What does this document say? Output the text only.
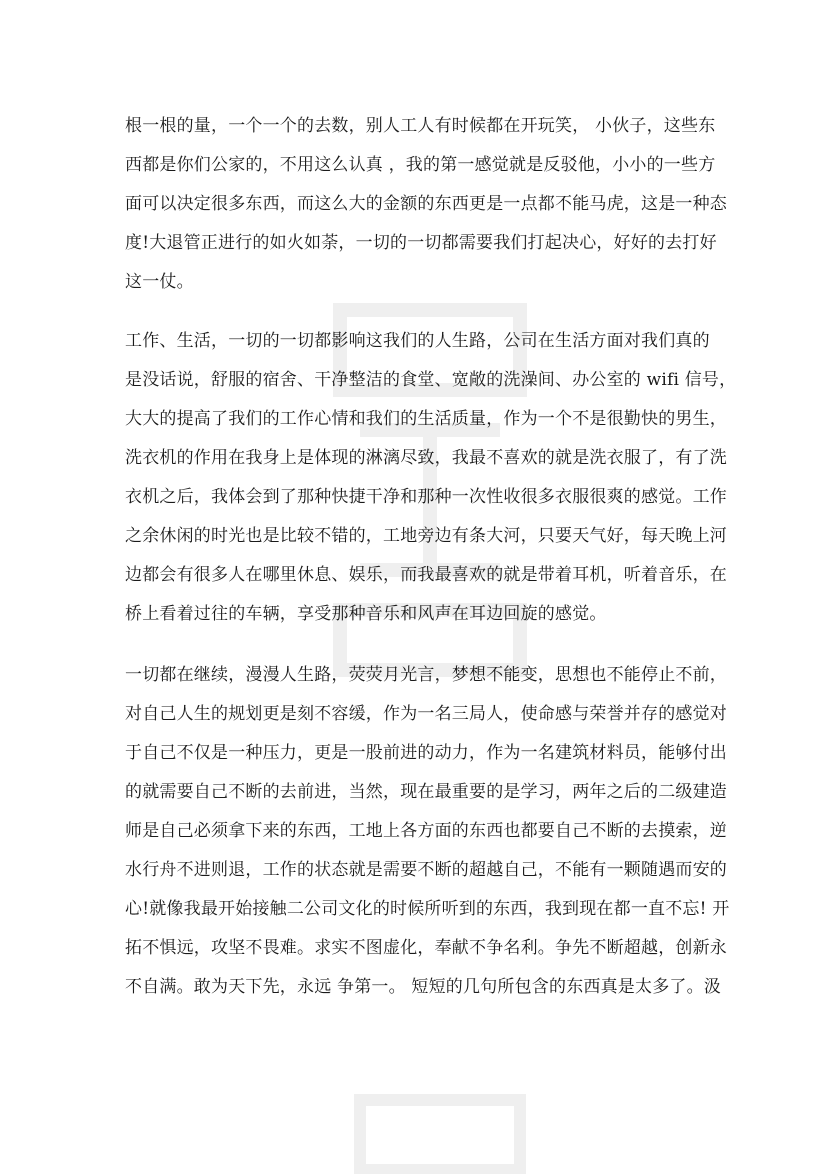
根一根的量，一个一个的去数，别人工人有时候都在开玩笑， 小伙子，这些东
西都是你们公家的，不用这么认真 ，我的第一感觉就是反驳他，小小的一些方
面可以决定很多东西，而这么大的金额的东西更是一点都不能马虎，这是一种态
度!大退管正进行的如火如荼，一切的一切都需要我们打起决心，好好的去打好
这一仗。
工作、生活，一切的一切都影响这我们的人生路，公司在生活方面对我们真的
是没话说，舒服的宿舍、干净整洁的食堂、宽敞的洗澡间、办公室的 wifi 信号，
大大的提高了我们的工作心情和我们的生活质量，作为一个不是很勤快的男生，
洗衣机的作用在我身上是体现的淋漓尽致，我最不喜欢的就是洗衣服了，有了洗
衣机之后，我体会到了那种快捷干净和那种一次性收很多衣服很爽的感觉。工作
之余休闲的时光也是比较不错的，工地旁边有条大河，只要天气好，每天晚上河
边都会有很多人在哪里休息、娱乐，而我最喜欢的就是带着耳机，听着音乐，在
桥上看着过往的车辆，享受那种音乐和风声在耳边回旋的感觉。
一切都在继续，漫漫人生路，荧荧月光言，梦想不能变，思想也不能停止不前，
对自己人生的规划更是刻不容缓，作为一名三局人，使命感与荣誉并存的感觉对
于自己不仅是一种压力，更是一股前进的动力，作为一名建筑材料员，能够付出
的就需要自己不断的去前进，当然，现在最重要的是学习，两年之后的二级建造
师是自己必须拿下来的东西，工地上各方面的东西也都要自己不断的去摸索，逆
水行舟不进则退，工作的状态就是需要不断的超越自己，不能有一颗随遇而安的
心!就像我最开始接触二公司文化的时候所听到的东西，我到现在都一直不忘! 开
拓不惧远，攻坚不畏难。求实不图虚化，奉献不争名利。争先不断超越，创新永
不自满。敢为天下先，永远 争第一。 短短的几句所包含的东西真是太多了。汲
